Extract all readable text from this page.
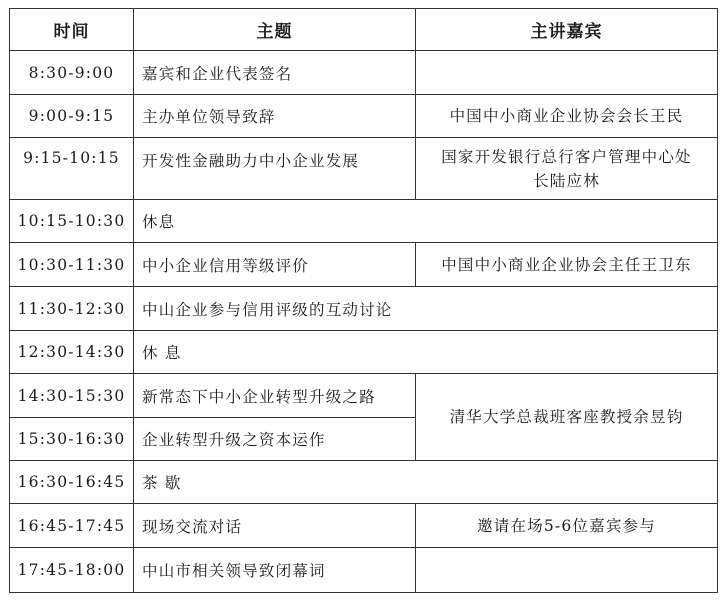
时间	主题	主讲嘉宾
8:30-9:00	嘉宾和企业代表签名	
9:00-9:15	主办单位领导致辞	中国中小商业企业协会会长王民
9:15-10:15	开发性金融助力中小企业发展	国家开发银行总行客户管理中心处长陆应林
10:15-10:30	休息	
10:30-11:30	中小企业信用等级评价	中国中小商业企业协会主任王卫东
11:30-12:30	中山企业参与信用评级的互动讨论	
12:30-14:30	休 息	
14:30-15:30	新常态下中小企业转型升级之路	清华大学总裁班客座教授余昱钧
15:30-16:30	企业转型升级之资本运作	
16:30-16:45	茶 歇	
16:45-17:45	现场交流对话	邀请在场5-6位嘉宾参与
17:45-18:00	中山市相关领导致闭幕词	
